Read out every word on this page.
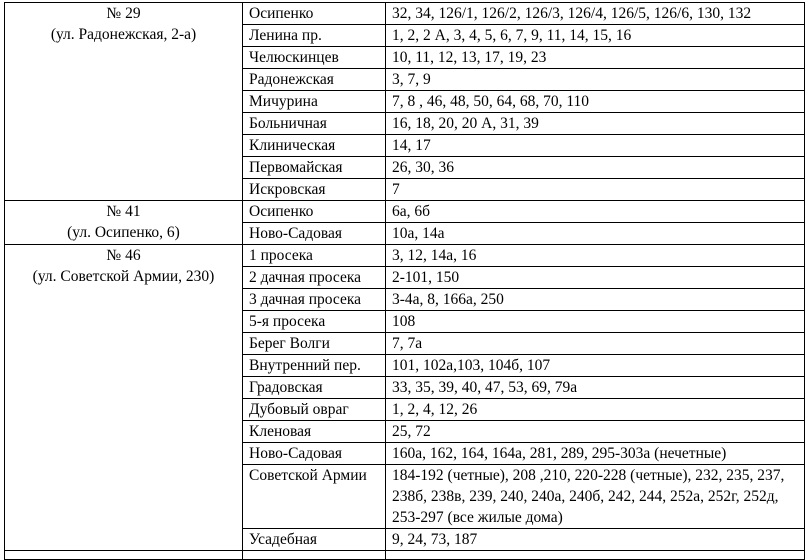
№ 29
(ул. Радонежская, 2-а)	Осипенко	32, 34, 126/1, 126/2, 126/3, 126/4, 126/5, 126/6, 130, 132
	Ленина пр.	1, 2, 2 А, 3, 4, 5, 6, 7, 9, 11, 14, 15, 16
	Челюскинцев	10, 11, 12, 13, 17, 19, 23
	Радонежская	3, 7, 9
	Мичурина	7, 8 , 46, 48, 50, 64, 68, 70, 110
	Больничная	16, 18, 20, 20 А, 31, 39
	Клиническая	14, 17
	Первомайская	26, 30, 36
	Искровская	7

№ 41
(ул. Осипенко, 6)	Осипенко	6а, 6б
	Ново-Садовая	10а, 14а

№ 46
(ул. Советской Армии, 230)	1 просека	3, 12, 14а, 16
	2 дачная просека	2-101, 150
	3 дачная просека	3-4а, 8, 166а, 250
	5-я просека	108
	Берег Волги	7, 7а
	Внутренний пер.	101, 102а,103, 104б, 107
	Градовская	33, 35, 39, 40, 47, 53, 69, 79а
	Дубовый овраг	1, 2, 4, 12, 26
	Кленовая	25, 72
	Ново-Садовая	160а, 162, 164, 164а, 281, 289, 295-303а (нечетные)
	Советской Армии	184-192 (четные), 208 ,210, 220-228 (четные), 232, 235, 237, 238б, 238в, 239, 240, 240а, 240б, 242, 244, 252а, 252г, 252д, 253-297 (все жилые дома)
	Усадебная	9, 24, 73, 187
